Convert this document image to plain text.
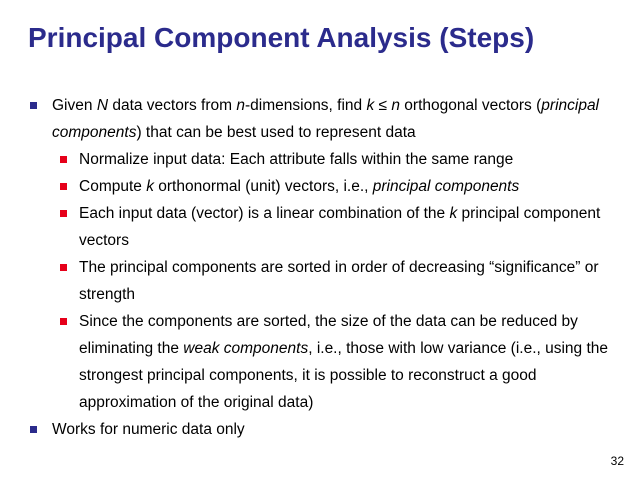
Principal Component Analysis (Steps)
Given N data vectors from n-dimensions, find k ≤ n orthogonal vectors (principal components) that can be best used to represent data
Normalize input data: Each attribute falls within the same range
Compute k orthonormal (unit) vectors, i.e., principal components
Each input data (vector) is a linear combination of the k principal component vectors
The principal components are sorted in order of decreasing “significance” or strength
Since the components are sorted, the size of the data can be reduced by eliminating the weak components, i.e., those with low variance (i.e., using the strongest principal components, it is possible to reconstruct a good approximation of the original data)
Works for numeric data only
32
